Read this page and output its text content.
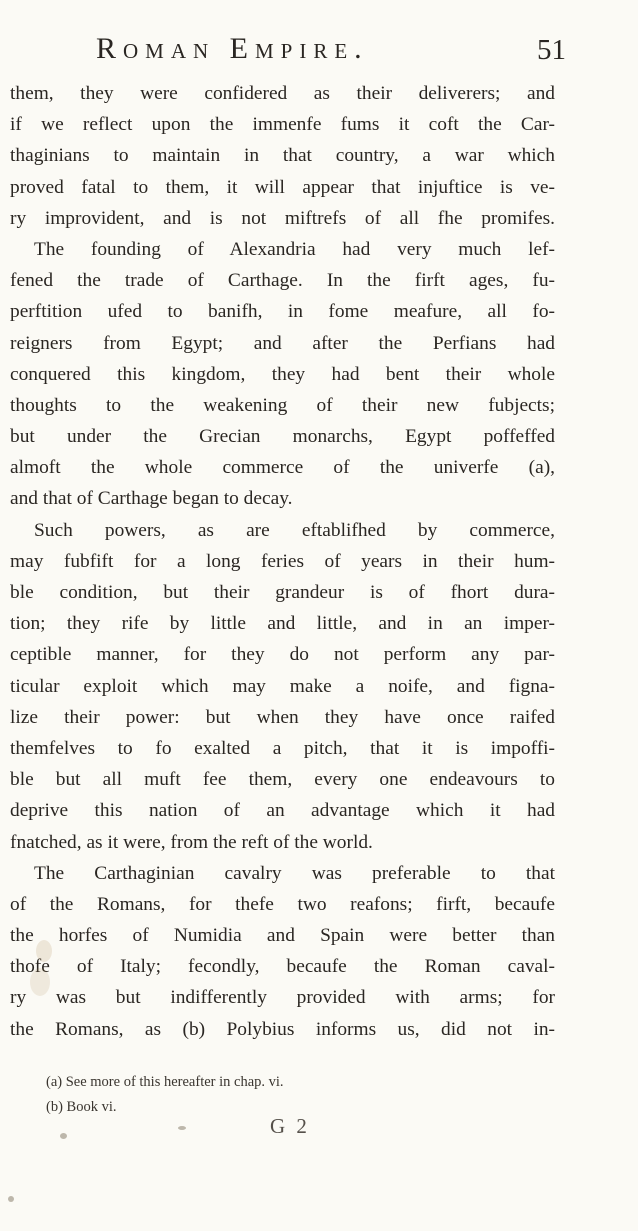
Roman Empire.	51
them, they were confidered as their deliverers; and
if we reflect upon the immenfe fums it coft the Car-
thaginians to maintain in that country, a war which
proved fatal to them, it will appear that injuftice is ve-
ry improvident, and is not miftrefs of all fhe promifes.
The founding of Alexandria had very much lef-
fened the trade of Carthage. In the firft ages, fu-
perftition ufed to banifh, in fome meafure, all fo-
reigners from Egypt; and after the Perfians had
conquered this kingdom, they had bent their whole
thoughts to the weakening of their new fubjects;
but under the Grecian monarchs, Egypt poffeffed
almoft the whole commerce of the univerfe (a),
and that of Carthage began to decay.
Such powers, as are eftablifhed by commerce,
may fubfift for a long feries of years in their hum-
ble condition, but their grandeur is of fhort dura-
tion; they rife by little and little, and in an imper-
ceptible manner, for they do not perform any par-
ticular exploit which may make a noife, and figna-
lize their power: but when they have once raifed
themfelves to fo exalted a pitch, that it is impoffi-
ble but all muft fee them, every one endeavours to
deprive this nation of an advantage which it had
fnatched, as it were, from the reft of the world.
The Carthaginian cavalry was preferable to that
of the Romans, for thefe two reafons; firft, becaufe
the horfes of Numidia and Spain were better than
thofe of Italy; fecondly, becaufe the Roman caval-
ry was but indifferently provided with arms; for
the Romans, as (b) Polybius informs us, did not in-
(a) See more of this hereafter in chap. vi.
(b) Book vi.
G 2
